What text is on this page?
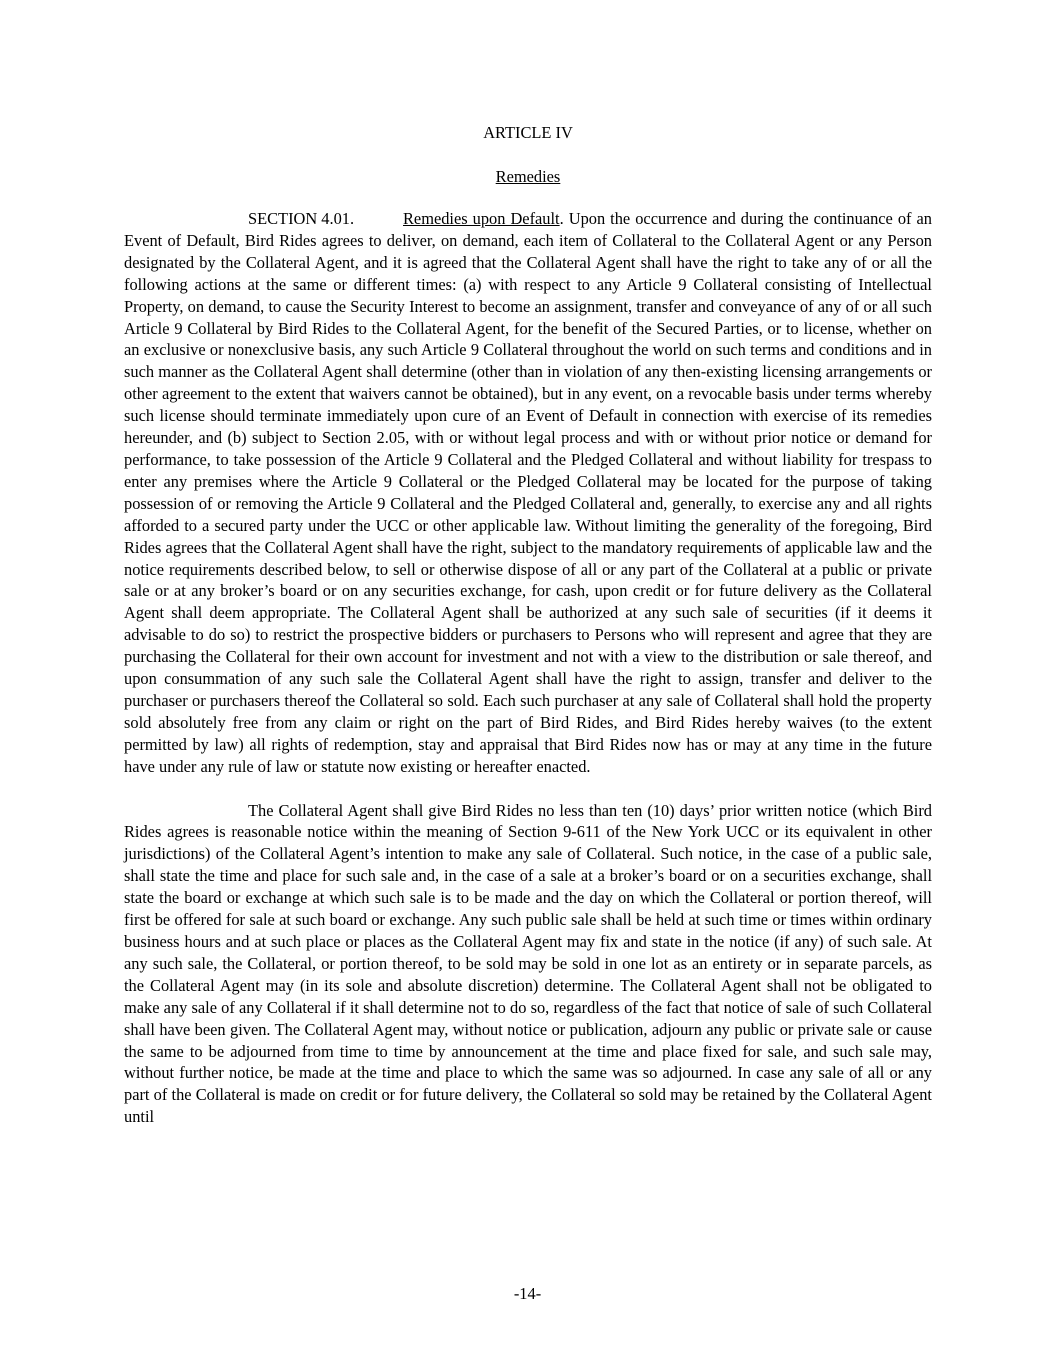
ARTICLE IV

Remedies

SECTION 4.01.	Remedies upon Default. Upon the occurrence and during the continuance of an Event of Default, Bird Rides agrees to deliver, on demand, each item of Collateral to the Collateral Agent or any Person designated by the Collateral Agent, and it is agreed that the Collateral Agent shall have the right to take any of or all the following actions at the same or different times: (a) with respect to any Article 9 Collateral consisting of Intellectual Property, on demand, to cause the Security Interest to become an assignment, transfer and conveyance of any of or all such Article 9 Collateral by Bird Rides to the Collateral Agent, for the benefit of the Secured Parties, or to license, whether on an exclusive or nonexclusive basis, any such Article 9 Collateral throughout the world on such terms and conditions and in such manner as the Collateral Agent shall determine (other than in violation of any then-existing licensing arrangements or other agreement to the extent that waivers cannot be obtained), but in any event, on a revocable basis under terms whereby such license should terminate immediately upon cure of an Event of Default in connection with exercise of its remedies hereunder, and (b) subject to Section 2.05, with or without legal process and with or without prior notice or demand for performance, to take possession of the Article 9 Collateral and the Pledged Collateral and without liability for trespass to enter any premises where the Article 9 Collateral or the Pledged Collateral may be located for the purpose of taking possession of or removing the Article 9 Collateral and the Pledged Collateral and, generally, to exercise any and all rights afforded to a secured party under the UCC or other applicable law. Without limiting the generality of the foregoing, Bird Rides agrees that the Collateral Agent shall have the right, subject to the mandatory requirements of applicable law and the notice requirements described below, to sell or otherwise dispose of all or any part of the Collateral at a public or private sale or at any broker’s board or on any securities exchange, for cash, upon credit or for future delivery as the Collateral Agent shall deem appropriate. The Collateral Agent shall be authorized at any such sale of securities (if it deems it advisable to do so) to restrict the prospective bidders or purchasers to Persons who will represent and agree that they are purchasing the Collateral for their own account for investment and not with a view to the distribution or sale thereof, and upon consummation of any such sale the Collateral Agent shall have the right to assign, transfer and deliver to the purchaser or purchasers thereof the Collateral so sold. Each such purchaser at any sale of Collateral shall hold the property sold absolutely free from any claim or right on the part of Bird Rides, and Bird Rides hereby waives (to the extent permitted by law) all rights of redemption, stay and appraisal that Bird Rides now has or may at any time in the future have under any rule of law or statute now existing or hereafter enacted.

The Collateral Agent shall give Bird Rides no less than ten (10) days’ prior written notice (which Bird Rides agrees is reasonable notice within the meaning of Section 9-611 of the New York UCC or its equivalent in other jurisdictions) of the Collateral Agent’s intention to make any sale of Collateral. Such notice, in the case of a public sale, shall state the time and place for such sale and, in the case of a sale at a broker’s board or on a securities exchange, shall state the board or exchange at which such sale is to be made and the day on which the Collateral or portion thereof, will first be offered for sale at such board or exchange. Any such public sale shall be held at such time or times within ordinary business hours and at such place or places as the Collateral Agent may fix and state in the notice (if any) of such sale. At any such sale, the Collateral, or portion thereof, to be sold may be sold in one lot as an entirety or in separate parcels, as the Collateral Agent may (in its sole and absolute discretion) determine. The Collateral Agent shall not be obligated to make any sale of any Collateral if it shall determine not to do so, regardless of the fact that notice of sale of such Collateral shall have been given. The Collateral Agent may, without notice or publication, adjourn any public or private sale or cause the same to be adjourned from time to time by announcement at the time and place fixed for sale, and such sale may, without further notice, be made at the time and place to which the same was so adjourned. In case any sale of all or any part of the Collateral is made on credit or for future delivery, the Collateral so sold may be retained by the Collateral Agent until

-14-
